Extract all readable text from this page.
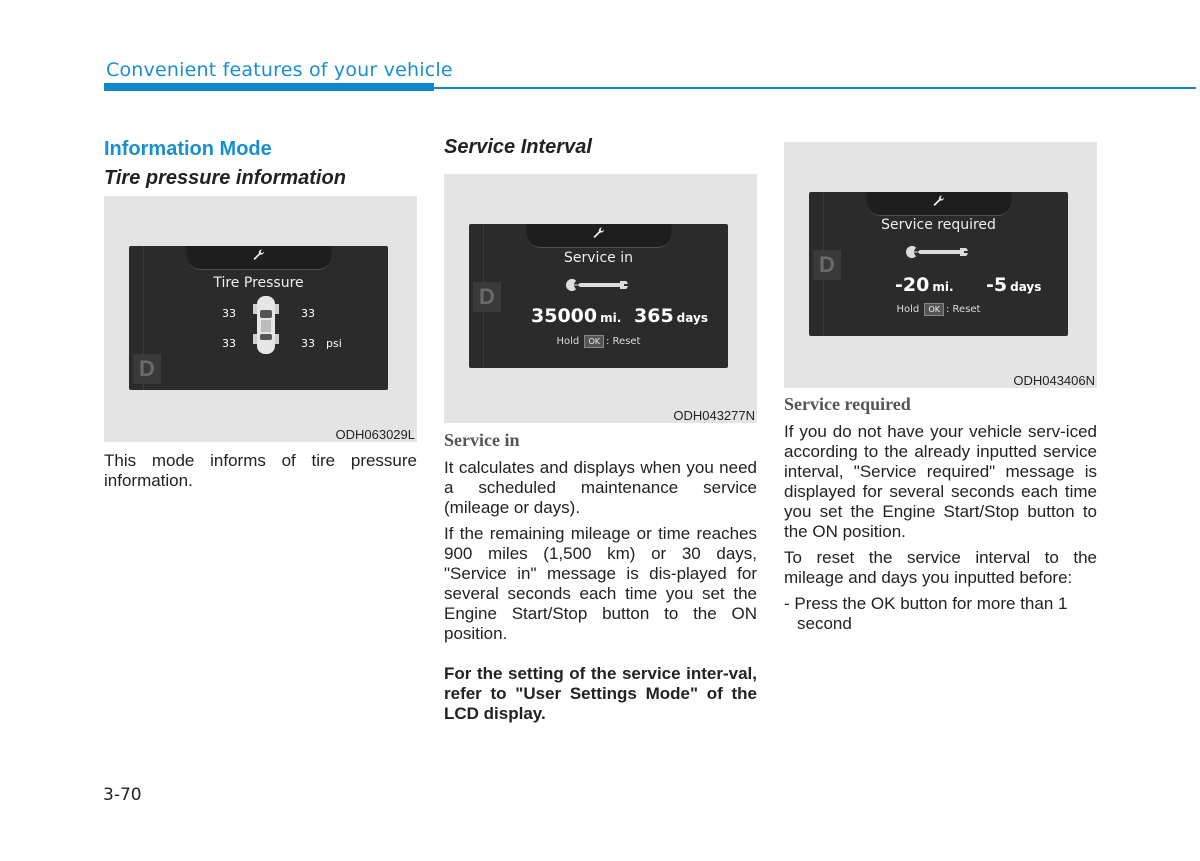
Convenient features of your vehicle
Information Mode
Tire pressure information
D
Tire Pressure
33	33
33	33 psi
ODH063029L

This mode informs of tire pressure information.

Service Interval
D
Service in
35000 mi. 365 days
Hold OK : Reset
ODH043277N
Service in

It calculates and displays when you need a scheduled maintenance service (mileage or days).

If the remaining mileage or time reaches 900 miles (1,500 km) or 30 days, "Service in" message is dis-played for several seconds each time you set the Engine Start/Stop button to the ON position.

For the setting of the service inter-val, refer to "User Settings Mode" of the LCD display.

D
Service required
-20 mi. -5 days
Hold OK : Reset
ODH043406N
Service required

If you do not have your vehicle serv-iced according to the already inputted service interval, "Service required" message is displayed for several seconds each time you set the Engine Start/Stop button to the ON position.

To reset the service interval to the mileage and days you inputted before:

- Press the OK button for more than 1 second

3-70
